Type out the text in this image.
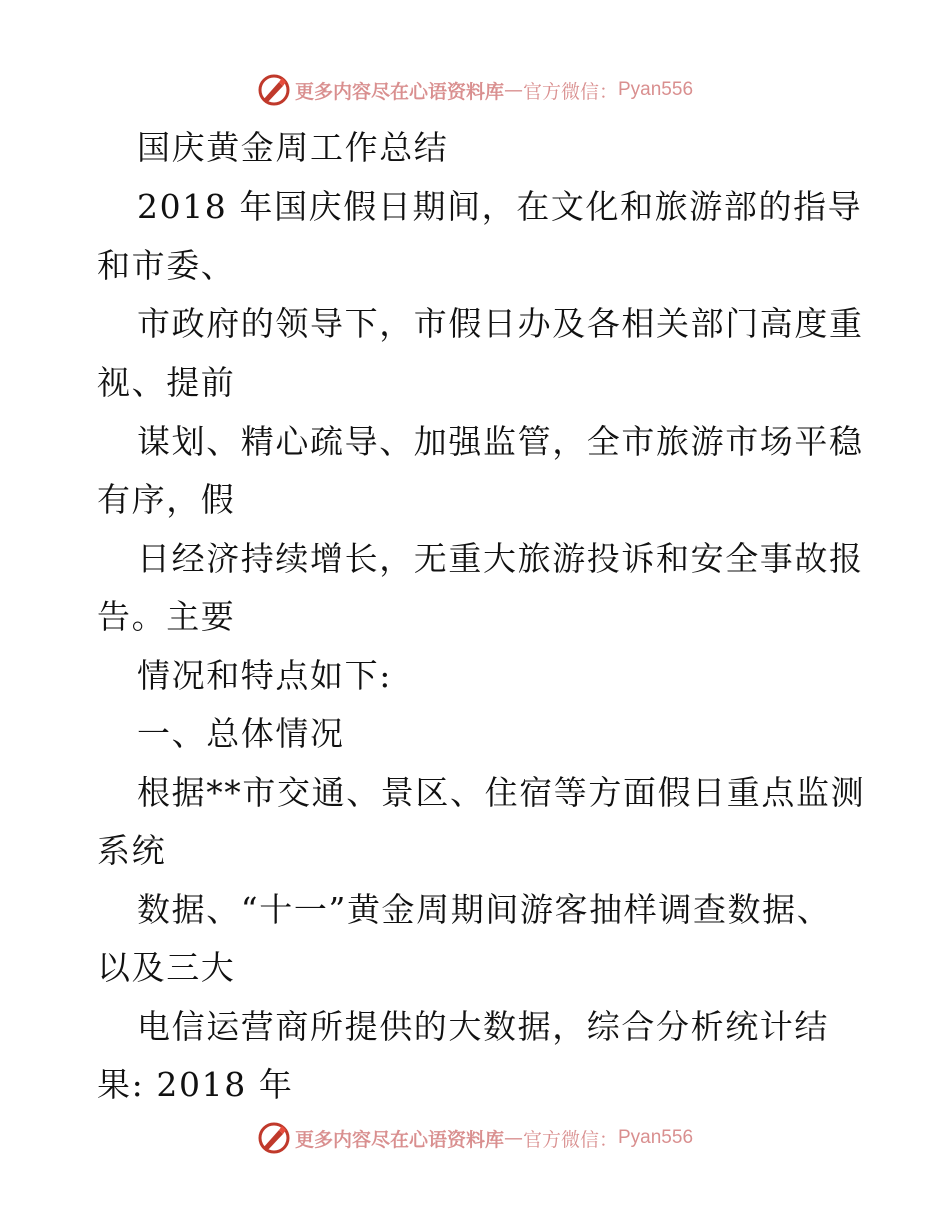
更多内容尽在心语资料库 — 官方微信： Pyan556
国庆黄金周工作总结
2018 年国庆假日期间，在文化和旅游部的指导
和市委、
市政府的领导下，市假日办及各相关部门高度重
视、提前
谋划、精心疏导、加强监管，全市旅游市场平稳
有序，假
日经济持续增长，无重大旅游投诉和安全事故报
告。主要
情况和特点如下:
一、总体情况
根据**市交通、景区、住宿等方面假日重点监测
系统
数据、“十一”黄金周期间游客抽样调查数据、
以及三大
电信运营商所提供的大数据，综合分析统计结
果: 2018 年
更多内容尽在心语资料库 — 官方微信： Pyan556
